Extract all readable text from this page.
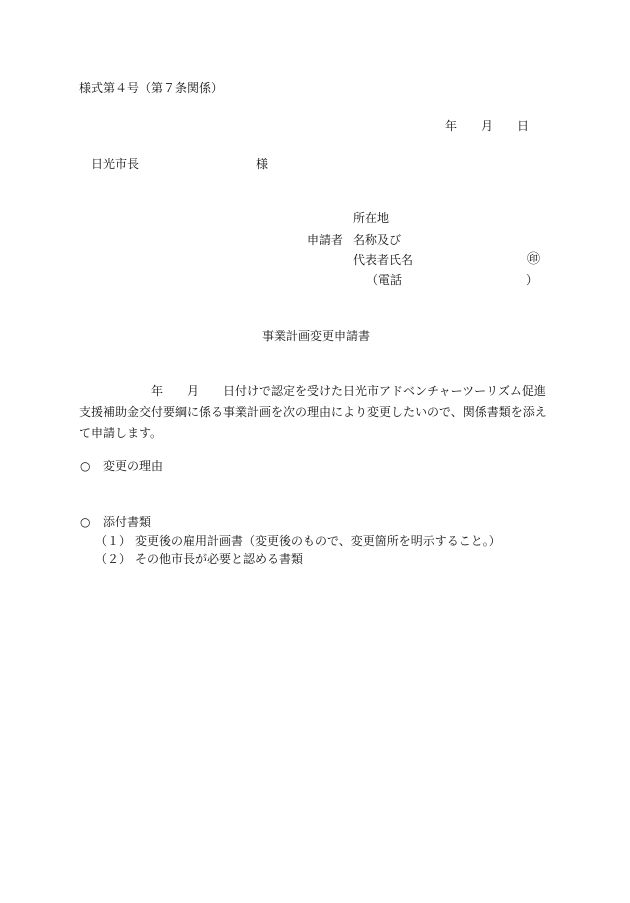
様式第４号（第７条関係）
年　　月　　日
日光市長	様
所在地
申請者 名称及び
代表者氏名	㊞
（電話	）
事業計画変更申請書
　　　　　　年　　月　　日付けで認定を受けた日光市アドベンチャーツーリズム促進支援補助金交付要綱に係る事業計画を次の理由により変更したいので、関係書類を添えて申請します。
○ 変更の理由
○ 添付書類
（１） 変更後の雇用計画書（変更後のもので、変更箇所を明示すること。）
（２） その他市長が必要と認める書類
